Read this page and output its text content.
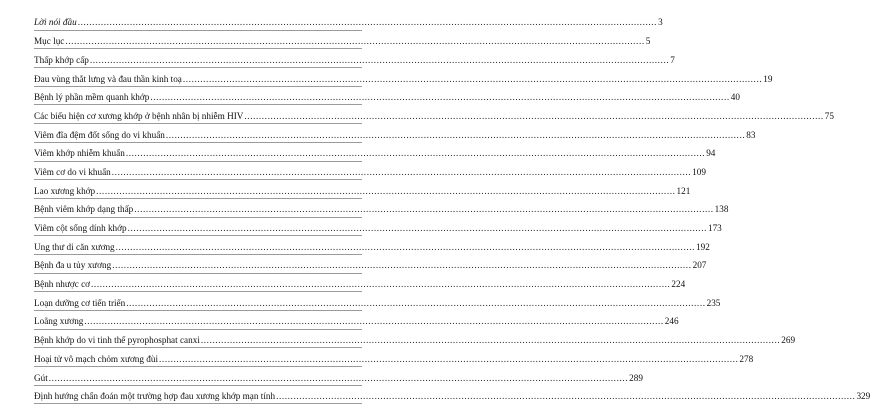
Lời nói đầu ........................................................................................................................................................................................................ 3
Mục lục ........................................................................................................................................................................................................ 5
Thấp khớp cấp ........................................................................................................................................................................................................ 7
Đau vùng thắt lưng và đau thần kinh toạ ........................................................................................................................................................................................................ 19
Bệnh lý phần mềm quanh khớp ........................................................................................................................................................................................................ 40
Các biểu hiện cơ xương khớp ở bệnh nhân bị nhiễm HIV ........................................................................................................................................................................................................ 75
Viêm đĩa đệm đốt sống do vi khuẩn ........................................................................................................................................................................................................ 83
Viêm khớp nhiễm khuẩn ........................................................................................................................................................................................................ 94
Viêm cơ do vi khuẩn ........................................................................................................................................................................................................ 109
Lao xương khớp ........................................................................................................................................................................................................ 121
Bệnh viêm khớp dạng thấp ........................................................................................................................................................................................................ 138
Viêm cột sống dính khớp ........................................................................................................................................................................................................ 173
Ung thư di căn xương ........................................................................................................................................................................................................ 192
Bệnh đa u tủy xương ........................................................................................................................................................................................................ 207
Bệnh nhược cơ ........................................................................................................................................................................................................ 224
Loạn dưỡng cơ tiến triển ........................................................................................................................................................................................................ 235
Loãng xương ........................................................................................................................................................................................................ 246
Bệnh khớp do vi tinh thể pyrophosphat canxi ........................................................................................................................................................................................................ 269
Hoại tử vô mạch chỏm xương đùi ........................................................................................................................................................................................................ 278
Gút ........................................................................................................................................................................................................ 289
Định hướng chẩn đoán một trường hợp đau xương khớp mạn tính ........................................................................................................................................................................................................ 329
